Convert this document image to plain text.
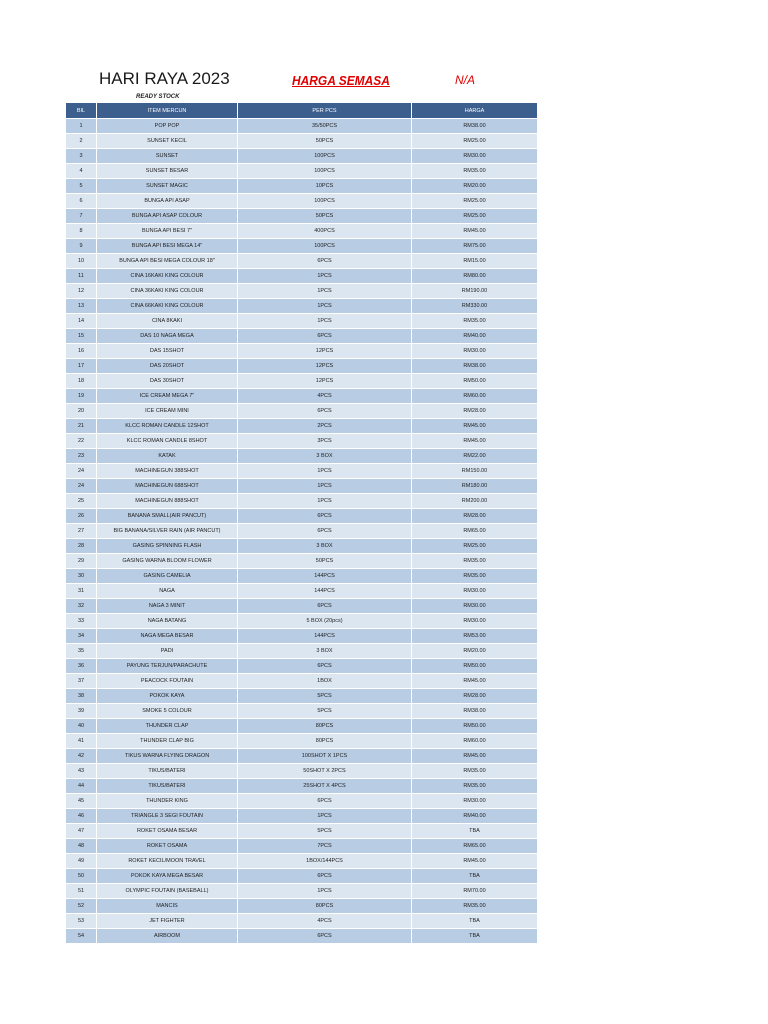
HARI RAYA 2023	HARGA SEMASA	N/A
READY STOCK
BIL	ITEM MERCUN	PER PCS	HARGA
1	POP POP	35/50PCS	RM38.00
2	SUNSET KECIL	50PCS	RM25.00
3	SUNSET	100PCS	RM30.00
4	SUNSET BESAR	100PCS	RM35.00
5	SUNSET MAGIC	10PCS	RM20.00
6	BUNGA API ASAP	100PCS	RM25.00
7	BUNGA API ASAP COLOUR	50PCS	RM25.00
8	BUNGA API BESI 7"	400PCS	RM45.00
9	BUNGA API BESI MEGA 14"	100PCS	RM75.00
10	BUNGA API BESI MEGA COLOUR 18"	6PCS	RM15.00
11	CINA 16KAKI KING COLOUR	1PCS	RM80.00
12	CINA 36KAKI KING COLOUR	1PCS	RM190.00
13	CINA 66KAKI KING COLOUR	1PCS	RM330.00
14	CINA 8KAKI	1PCS	RM35.00
15	DAS 10 NAGA MEGA	6PCS	RM40.00
16	DAS 15SHOT	12PCS	RM30.00
17	DAS 20SHOT	12PCS	RM38.00
18	DAS 30SHOT	12PCS	RM50.00
19	ICE CREAM MEGA 7"	4PCS	RM60.00
20	ICE CREAM MINI	6PCS	RM28.00
21	KLCC ROMAN CANDLE 12SHOT	2PCS	RM45.00
22	KLCC ROMAN CANDLE 8SHOT	3PCS	RM45.00
23	KATAK	3 BOX	RM22.00
24	MACHINEGUN 388SHOT	1PCS	RM150.00
24	MACHINEGUN 688SHOT	1PCS	RM180.00
25	MACHINEGUN 888SHOT	1PCS	RM200.00
26	BANANA SMALL(AIR PANCUT)	6PCS	RM28.00
27	BIG BANANA/SILVER RAIN (AIR PANCUT)	6PCS	RM65.00
28	GASING SPINNING FLASH	3 BOX	RM25.00
29	GASING WARNA BLOOM FLOWER	50PCS	RM35.00
30	GASING CAMELIA	144PCS	RM35.00
31	NAGA	144PCS	RM30.00
32	NAGA 3 MINIT	6PCS	RM30.00
33	NAGA BATANG	5 BOX (20pcs)	RM30.00
34	NAGA MEGA BESAR	144PCS	RM53.00
35	PADI	3 BOX	RM20.00
36	PAYUNG TERJUN/PARACHUTE	6PCS	RM50.00
37	PEACOCK FOUTAIN	1BOX	RM45.00
38	POKOK KAYA	5PCS	RM28.00
39	SMOKE 5 COLOUR	5PCS	RM38.00
40	THUNDER CLAP	80PCS	RM50.00
41	THUNDER CLAP BIG	80PCS	RM60.00
42	TIKUS WARNA FLYING DRAGON	100SHOT X 1PCS	RM45.00
43	TIKUS/BATERI	50SHOT X 2PCS	RM35.00
44	TIKUS/BATERI	25SHOT X 4PCS	RM35.00
45	THUNDER KING	6PCS	RM30.00
46	TRIANGLE 3 SEGI FOUTAIN	1PCS	RM40.00
47	ROKET OSAMA BESAR	5PCS	TBA
48	ROKET OSAMA	7PCS	RM65.00
49	ROKET KECIL/MOON TRAVEL	1BOX/144PCS	RM45.00
50	POKOK KAYA MEGA BESAR	6PCS	TBA
51	OLYMPIC FOUTAIN (BASEBALL)	1PCS	RM70.00
52	MANCIS	80PCS	RM35.00
53	JET FIGHTER	4PCS	TBA
54	AIRBOOM	6PCS	TBA
